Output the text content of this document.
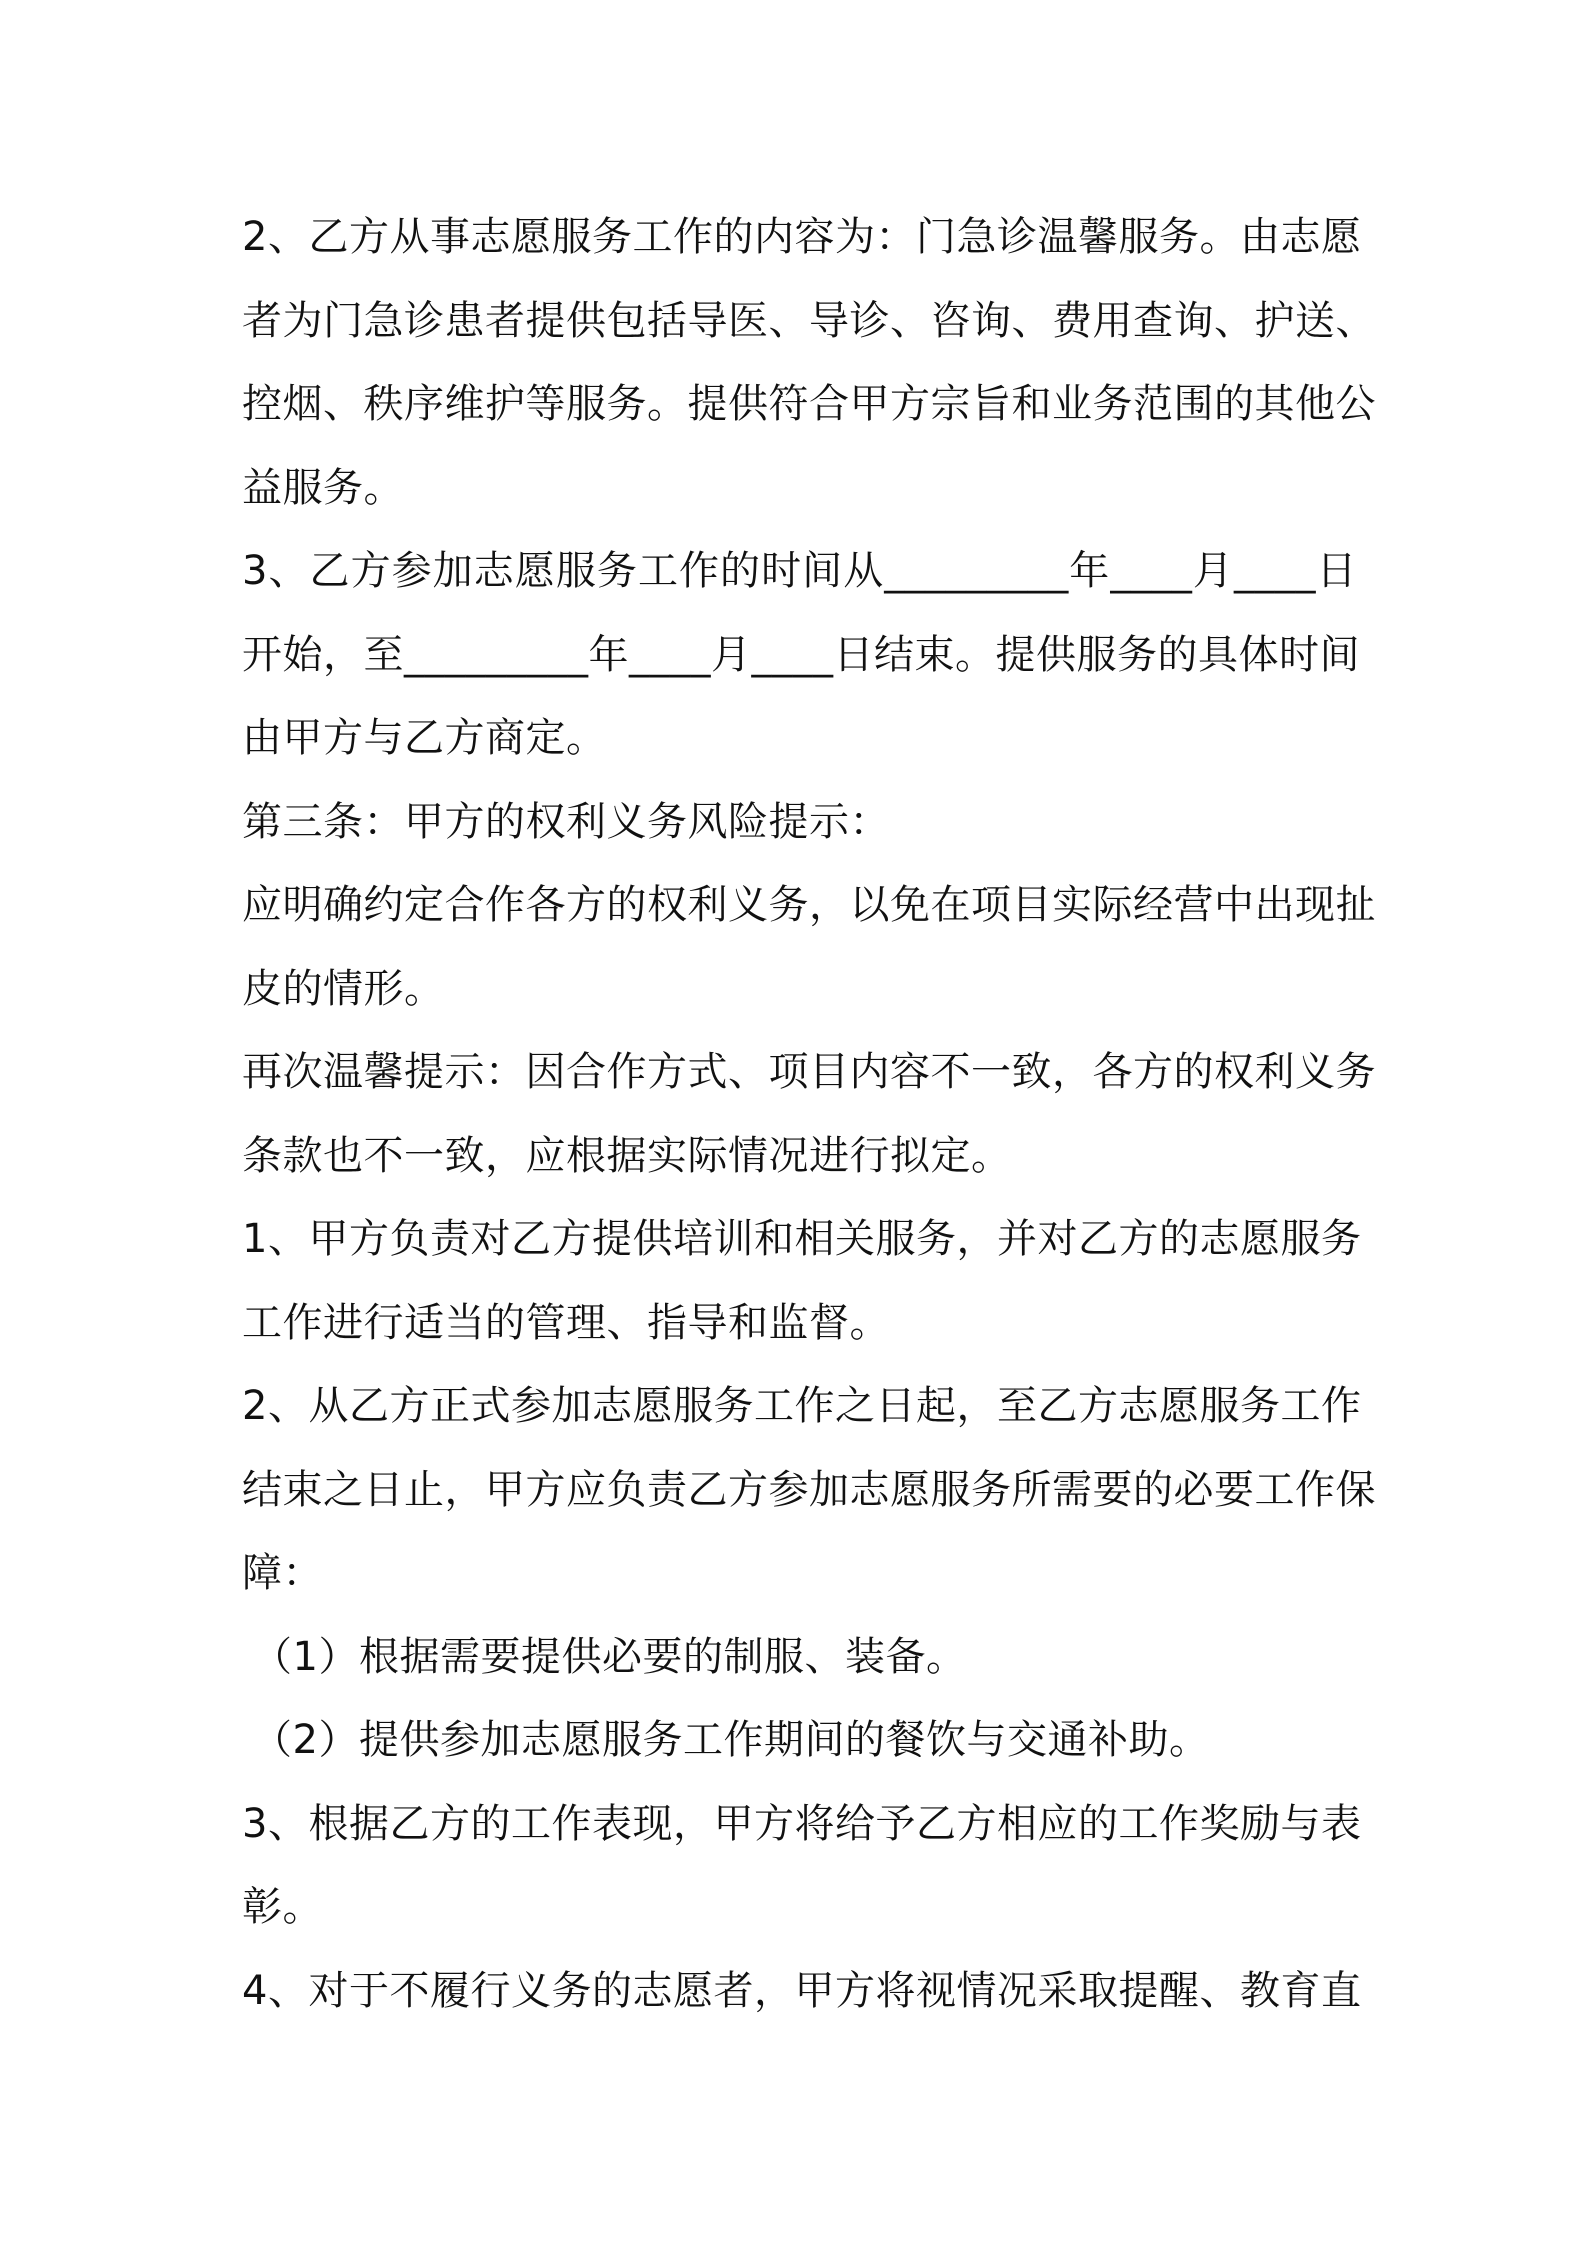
2、乙方从事志愿服务工作的内容为：门急诊温馨服务。由志愿
者为门急诊患者提供包括导医、导诊、咨询、费用查询、护送、
控烟、秩序维护等服务。提供符合甲方宗旨和业务范围的其他公
益服务。
3、乙方参加志愿服务工作的时间从_________年____月____日
开始，至_________年____月____日结束。提供服务的具体时间
由甲方与乙方商定。
第三条：甲方的权利义务风险提示：
应明确约定合作各方的权利义务，以免在项目实际经营中出现扯
皮的情形。
再次温馨提示：因合作方式、项目内容不一致，各方的权利义务
条款也不一致，应根据实际情况进行拟定。
1、甲方负责对乙方提供培训和相关服务，并对乙方的志愿服务
工作进行适当的管理、指导和监督。
2、从乙方正式参加志愿服务工作之日起，至乙方志愿服务工作
结束之日止，甲方应负责乙方参加志愿服务所需要的必要工作保
障：
（1）根据需要提供必要的制服、装备。
（2）提供参加志愿服务工作期间的餐饮与交通补助。
3、根据乙方的工作表现，甲方将给予乙方相应的工作奖励与表
彰。
4、对于不履行义务的志愿者，甲方将视情况采取提醒、教育直
